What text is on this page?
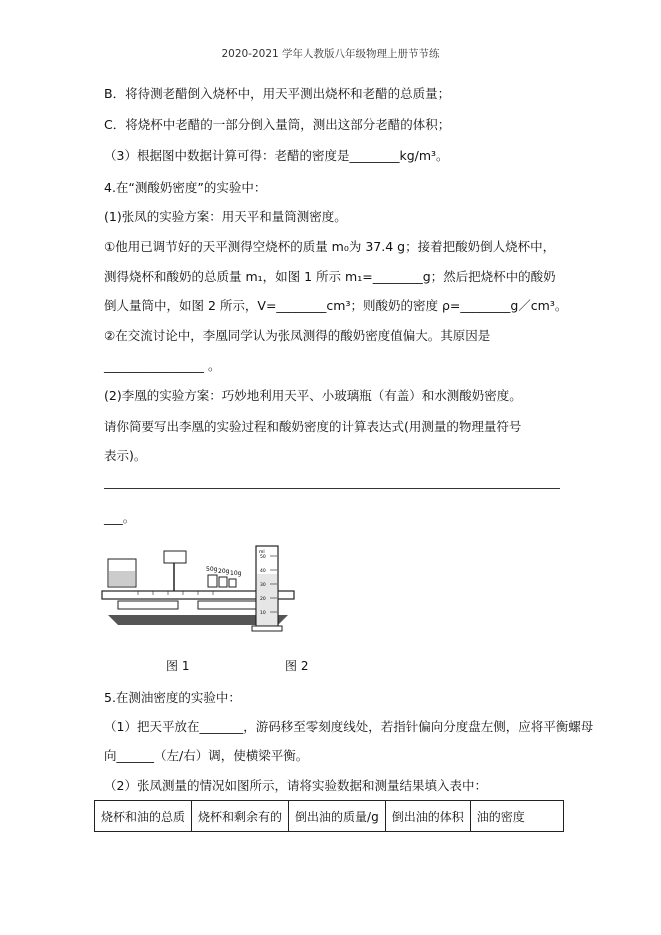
2020-2021 学年人教版八年级物理上册节节练
B．将待测老醋倒入烧杯中，用天平测出烧杯和老醋的总质量；
C．将烧杯中老醋的一部分倒入量筒，测出这部分老醋的体积；
（3）根据图中数据计算可得：老醋的密度是________kg/m³。
4.在“测酸奶密度”的实验中：
(1)张凤的实验方案：用天平和量筒测密度。
①他用已调节好的天平测得空烧杯的质量 m₀为 37.4 g；接着把酸奶倒人烧杯中，
测得烧杯和酸奶的总质量 m₁，如图 1 所示 m₁=________g；然后把烧杯中的酸奶
倒人量筒中，如图 2 所示，V=________cm³；则酸奶的密度 ρ=________g／cm³。
②在交流讨论中，李凰同学认为张凤测得的酸奶密度值偏大。其原因是
________________ 。
(2)李凰的实验方案：巧妙地利用天平、小玻璃瓶（有盖）和水测酸奶密度。
请你简要写出李凰的实验过程和酸奶密度的计算表达式(用测量的物理量符号
表示)。
___。
50g 20g 10g
ml
50
40
30
20
10
图 1	图 2
5.在测油密度的实验中：
（1）把天平放在_______，游码移至零刻度线处，若指针偏向分度盘左侧，应将平衡螺母
向______（左/右）调，使横梁平衡。
（2）张凤测量的情况如图所示，请将实验数据和测量结果填入表中：
烧杯和油的总质	烧杯和剩余有的	倒出油的质量/g	倒出油的体积	油的密度
